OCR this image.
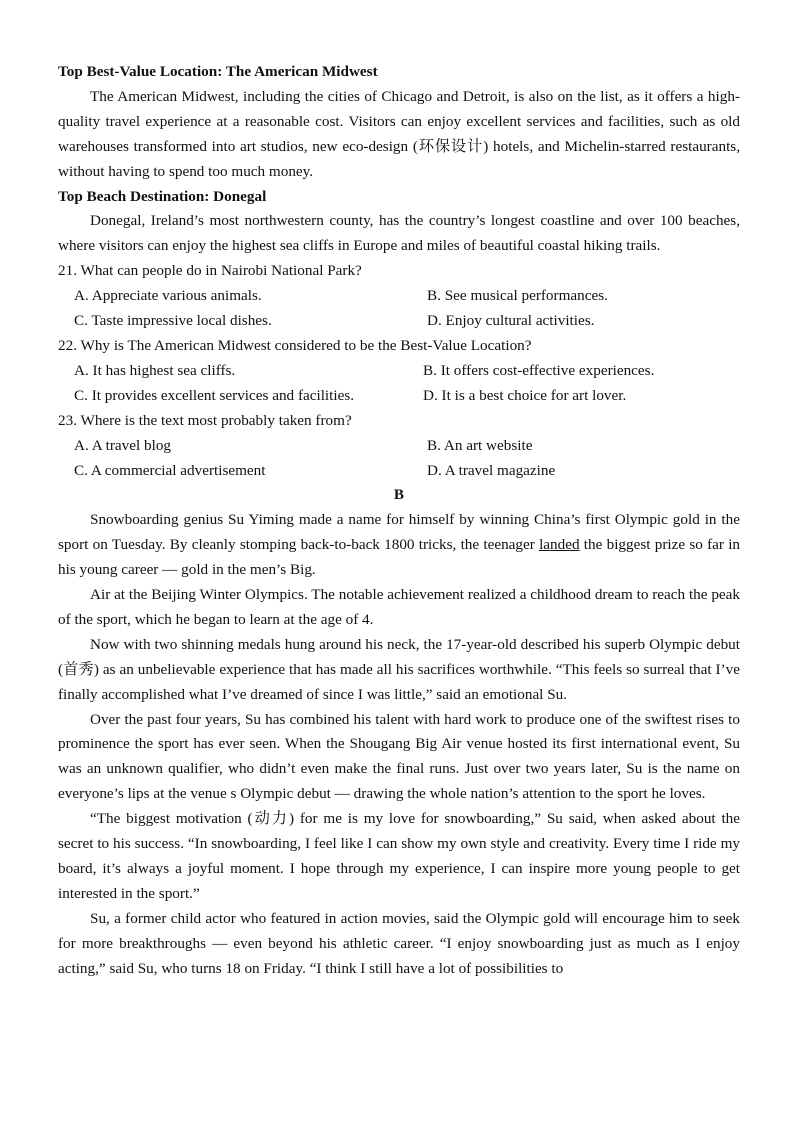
Top Best-Value Location: The American Midwest
The American Midwest, including the cities of Chicago and Detroit, is also on the list, as it offers a high-quality travel experience at a reasonable cost. Visitors can enjoy excellent services and facilities, such as old warehouses transformed into art studios, new eco-design (环保设计) hotels, and Michelin-starred restaurants, without having to spend too much money.
Top Beach Destination: Donegal
Donegal, Ireland’s most northwestern county, has the country’s longest coastline and over 100 beaches, where visitors can enjoy the highest sea cliffs in Europe and miles of beautiful coastal hiking trails.
21. What can people do in Nairobi National Park?
A. Appreciate various animals.	B. See musical performances.
C. Taste impressive local dishes.	D. Enjoy cultural activities.
22. Why is The American Midwest considered to be the Best-Value Location?
A. It has highest sea cliffs.	B. It offers cost-effective experiences.
C. It provides excellent services and facilities.	D. It is a best choice for art lover.
23. Where is the text most probably taken from?
A. A travel blog	B. An art website
C. A commercial advertisement	D. A travel magazine
B
Snowboarding genius Su Yiming made a name for himself by winning China’s first Olympic gold in the sport on Tuesday. By cleanly stomping back-to-back 1800 tricks, the teenager landed the biggest prize so far in his young career — gold in the men’s Big.
Air at the Beijing Winter Olympics. The notable achievement realized a childhood dream to reach the peak of the sport, which he began to learn at the age of 4.
Now with two shinning medals hung around his neck, the 17-year-old described his superb Olympic debut (首秀) as an unbelievable experience that has made all his sacrifices worthwhile. “This feels so surreal that I’ve finally accomplished what I’ve dreamed of since I was little,” said an emotional Su.
Over the past four years, Su has combined his talent with hard work to produce one of the swiftest rises to prominence the sport has ever seen. When the Shougang Big Air venue hosted its first international event, Su was an unknown qualifier, who didn’t even make the final runs. Just over two years later, Su is the name on everyone’s lips at the venue s Olympic debut — drawing the whole nation’s attention to the sport he loves.
“The biggest motivation (动力) for me is my love for snowboarding,” Su said, when asked about the secret to his success. “In snowboarding, I feel like I can show my own style and creativity. Every time I ride my board, it’s always a joyful moment. I hope through my experience, I can inspire more young people to get interested in the sport.”
Su, a former child actor who featured in action movies, said the Olympic gold will encourage him to seek for more breakthroughs — even beyond his athletic career. “I enjoy snowboarding just as much as I enjoy acting,” said Su, who turns 18 on Friday. “I think I still have a lot of possibilities to
